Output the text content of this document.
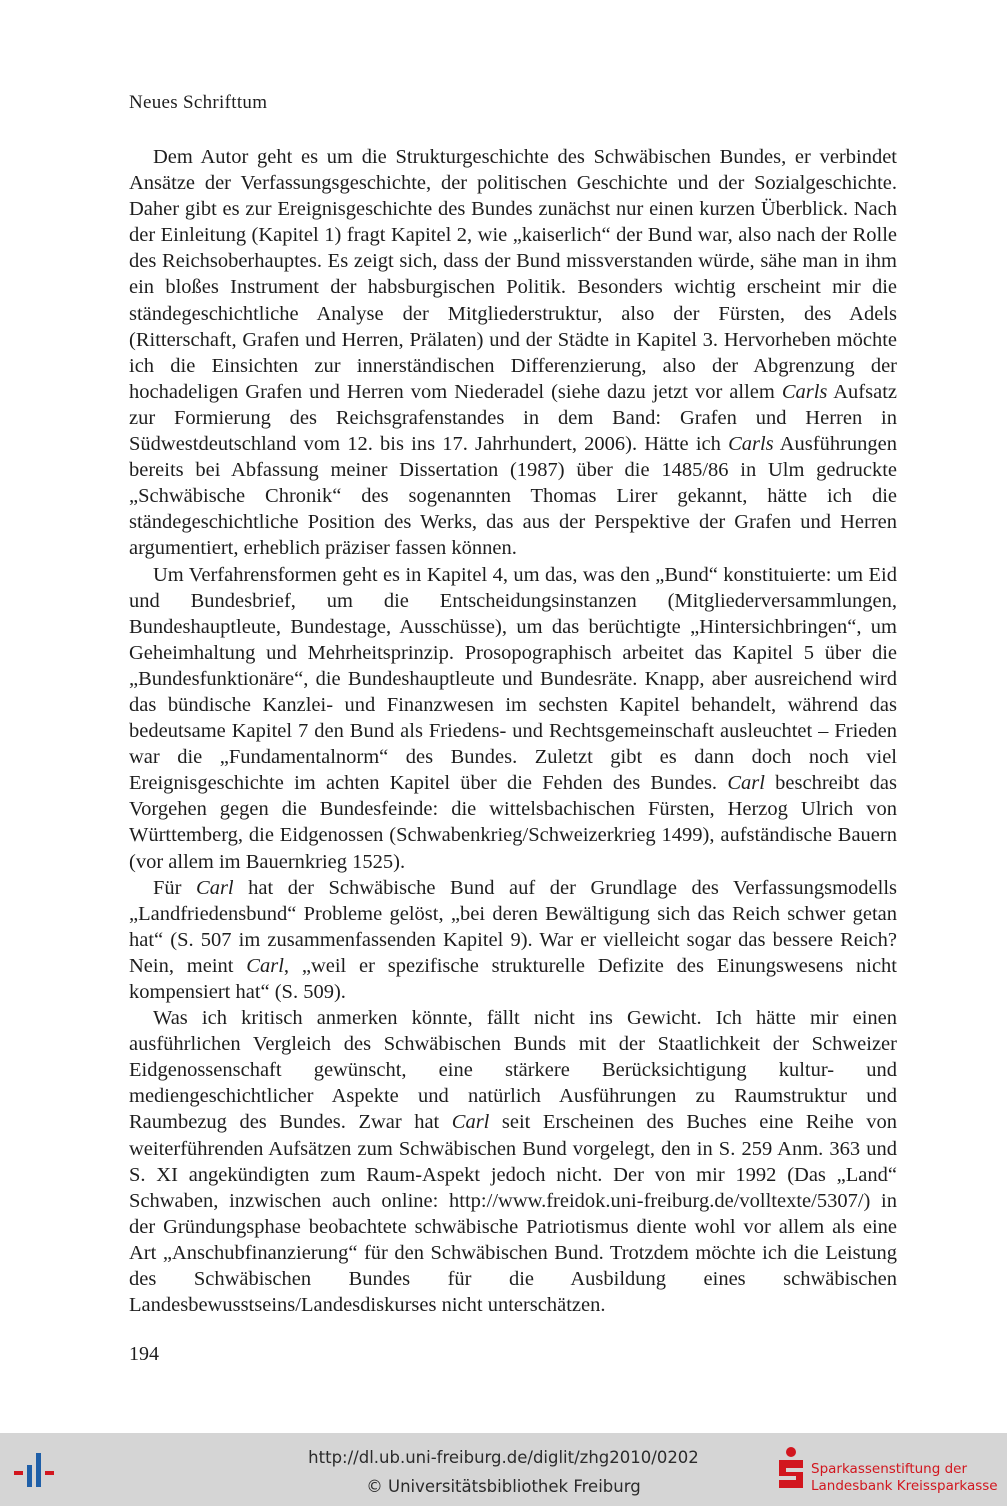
Neues Schrifttum

Dem Autor geht es um die Strukturgeschichte des Schwäbischen Bundes, er verbindet Ansätze der Verfassungsgeschichte, der politischen Geschichte und der Sozialgeschichte. Daher gibt es zur Ereignisgeschichte des Bundes zunächst nur einen kurzen Überblick. Nach der Einleitung (Kapitel 1) fragt Kapitel 2, wie „kaiserlich“ der Bund war, also nach der Rolle des Reichsoberhauptes. Es zeigt sich, dass der Bund missverstanden würde, sähe man in ihm ein bloßes Instrument der habsburgischen Politik. Besonders wichtig erscheint mir die ständegeschichtliche Analyse der Mitgliederstruktur, also der Fürsten, des Adels (Ritterschaft, Grafen und Herren, Prälaten) und der Städte in Kapitel 3. Hervorheben möchte ich die Einsichten zur innerständischen Differenzierung, also der Abgrenzung der hochadeligen Grafen und Herren vom Niederadel (siehe dazu jetzt vor allem Carls Aufsatz zur Formierung des Reichsgrafenstandes in dem Band: Grafen und Herren in Südwestdeutschland vom 12. bis ins 17. Jahrhundert, 2006). Hätte ich Carls Ausführungen bereits bei Abfassung meiner Dissertation (1987) über die 1485/86 in Ulm gedruckte „Schwäbische Chronik“ des sogenannten Thomas Lirer gekannt, hätte ich die ständegeschichtliche Position des Werks, das aus der Perspektive der Grafen und Herren argumentiert, erheblich präziser fassen können.

Um Verfahrensformen geht es in Kapitel 4, um das, was den „Bund“ konstituierte: um Eid und Bundesbrief, um die Entscheidungsinstanzen (Mitgliederversammlungen, Bundeshauptleute, Bundestage, Ausschüsse), um das berüchtigte „Hintersichbringen“, um Geheimhaltung und Mehrheitsprinzip. Prosopographisch arbeitet das Kapitel 5 über die „Bundesfunktionäre“, die Bundeshauptleute und Bundesräte. Knapp, aber ausreichend wird das bündische Kanzlei- und Finanzwesen im sechsten Kapitel behandelt, während das bedeutsame Kapitel 7 den Bund als Friedens- und Rechtsgemeinschaft ausleuchtet – Frieden war die „Fundamentalnorm“ des Bundes. Zuletzt gibt es dann doch noch viel Ereignisgeschichte im achten Kapitel über die Fehden des Bundes. Carl beschreibt das Vorgehen gegen die Bundesfeinde: die wittelsbachischen Fürsten, Herzog Ulrich von Württemberg, die Eidgenossen (Schwabenkrieg/Schweizerkrieg 1499), aufständische Bauern (vor allem im Bauernkrieg 1525).

Für Carl hat der Schwäbische Bund auf der Grundlage des Verfassungsmodells „Landfriedensbund“ Probleme gelöst, „bei deren Bewältigung sich das Reich schwer getan hat“ (S. 507 im zusammenfassenden Kapitel 9). War er vielleicht sogar das bessere Reich? Nein, meint Carl, „weil er spezifische strukturelle Defizite des Einungswesens nicht kompensiert hat“ (S. 509).

Was ich kritisch anmerken könnte, fällt nicht ins Gewicht. Ich hätte mir einen ausführlichen Vergleich des Schwäbischen Bunds mit der Staatlichkeit der Schweizer Eidgenossenschaft gewünscht, eine stärkere Berücksichtigung kultur- und mediengeschichtlicher Aspekte und natürlich Ausführungen zu Raumstruktur und Raumbezug des Bundes. Zwar hat Carl seit Erscheinen des Buches eine Reihe von weiterführenden Aufsätzen zum Schwäbischen Bund vorgelegt, den in S. 259 Anm. 363 und S. XI angekündigten zum Raum-Aspekt jedoch nicht. Der von mir 1992 (Das „Land“ Schwaben, inzwischen auch online: http://www.freidok.uni-freiburg.de/volltexte/5307/) in der Gründungsphase beobachtete schwäbische Patriotismus diente wohl vor allem als eine Art „Anschubfinanzierung“ für den Schwäbischen Bund. Trotzdem möchte ich die Leistung des Schwäbischen Bundes für die Ausbildung eines schwäbischen Landesbewusstseins/Landesdiskurses nicht unterschätzen.

194
http://dl.ub.uni-freiburg.de/diglit/zhg2010/0202
© Universitätsbibliothek Freiburg
Sparkassenstiftung der
Landesbank Kreissparkasse
